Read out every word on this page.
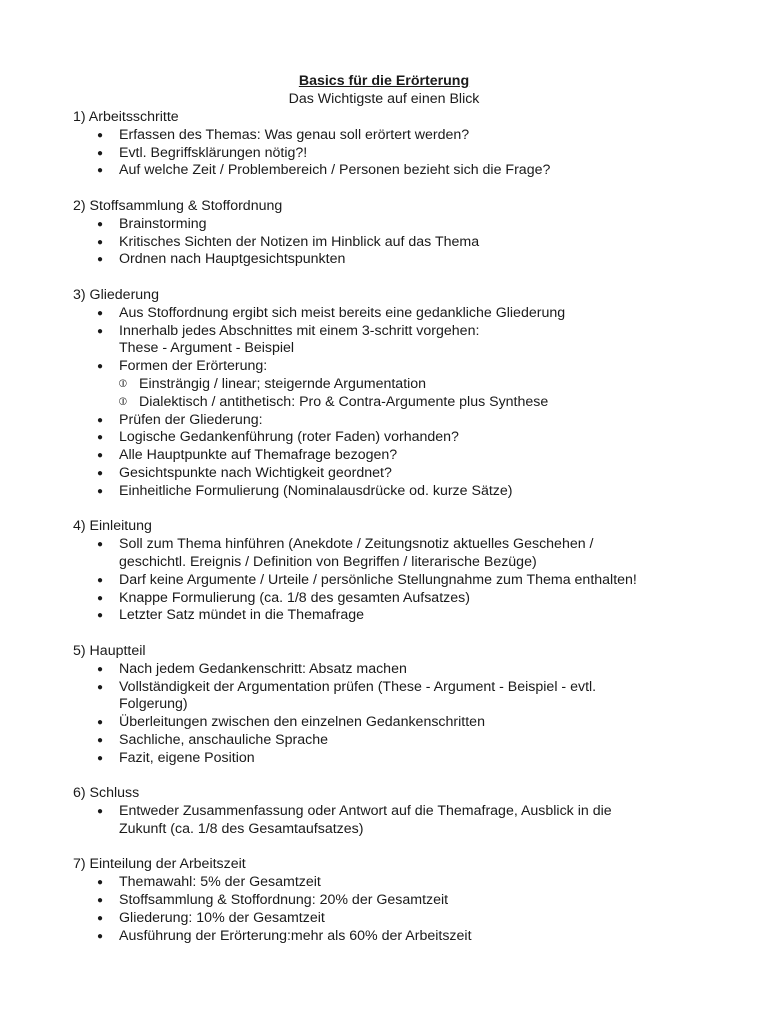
Basics für die Erörterung
Das Wichtigste auf einen Blick
1) Arbeitsschritte
● Erfassen des Themas: Was genau soll erörtert werden?
● Evtl. Begriffsklärungen nötig?!
● Auf welche Zeit / Problembereich / Personen bezieht sich die Frage?
2) Stoffsammlung & Stoffordnung
● Brainstorming
● Kritisches Sichten der Notizen im Hinblick auf das Thema
● Ordnen nach Hauptgesichtspunkten
3) Gliederung
● Aus Stoffordnung ergibt sich meist bereits eine gedankliche Gliederung
● Innerhalb jedes Abschnittes mit einem 3-schritt vorgehen:
These - Argument - Beispiel
● Formen der Erörterung:
⦶ Einsträngig / linear; steigernde Argumentation
⦶ Dialektisch / antithetisch: Pro & Contra-Argumente plus Synthese
● Prüfen der Gliederung:
● Logische Gedankenführung (roter Faden) vorhanden?
● Alle Hauptpunkte auf Themafrage bezogen?
● Gesichtspunkte nach Wichtigkeit geordnet?
● Einheitliche Formulierung (Nominalausdrücke od. kurze Sätze)
4) Einleitung
● Soll zum Thema hinführen (Anekdote / Zeitungsnotiz aktuelles Geschehen /
geschichtl. Ereignis / Definition von Begriffen / literarische Bezüge)
● Darf keine Argumente / Urteile / persönliche Stellungnahme zum Thema enthalten!
● Knappe Formulierung (ca. 1/8 des gesamten Aufsatzes)
● Letzter Satz mündet in die Themafrage
5) Hauptteil
● Nach jedem Gedankenschritt: Absatz machen
● Vollständigkeit der Argumentation prüfen (These - Argument - Beispiel - evtl.
Folgerung)
● Überleitungen zwischen den einzelnen Gedankenschritten
● Sachliche, anschauliche Sprache
● Fazit, eigene Position
6) Schluss
● Entweder Zusammenfassung oder Antwort auf die Themafrage, Ausblick in die
Zukunft (ca. 1/8 des Gesamtaufsatzes)
7) Einteilung der Arbeitszeit
● Themawahl: 5% der Gesamtzeit
● Stoffsammlung & Stoffordnung: 20% der Gesamtzeit
● Gliederung: 10% der Gesamtzeit
● Ausführung der Erörterung:mehr als 60% der Arbeitszeit
